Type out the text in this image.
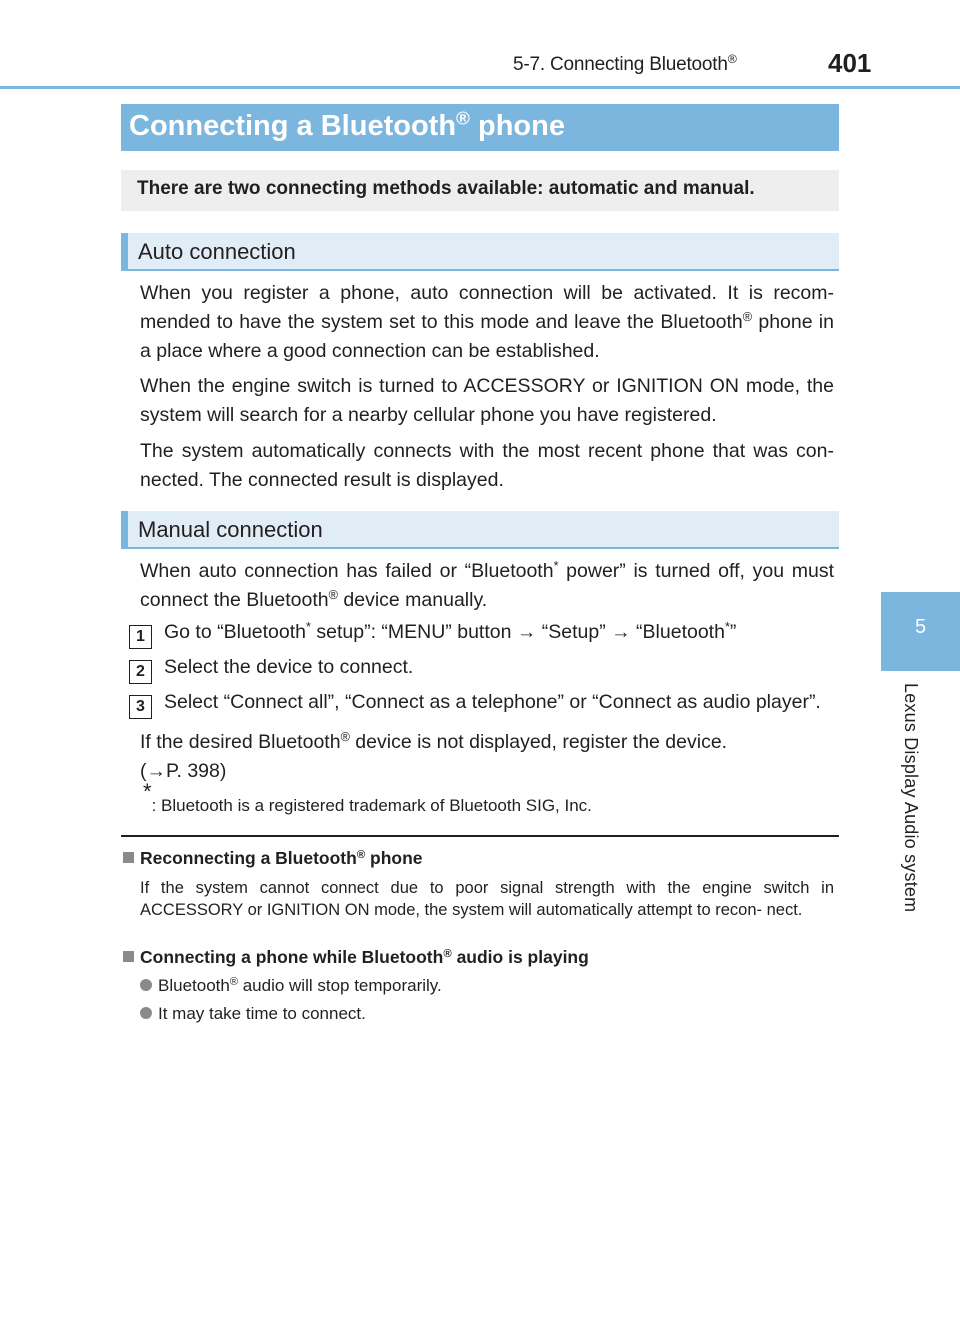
5-7. Connecting Bluetooth®	401
5
Lexus Display Audio system
Connecting a Bluetooth® phone
There are two connecting methods available: automatic and manual.
Auto connection
When you register a phone, auto connection will be activated. It is recom- mended to have the system set to this mode and leave the Bluetooth® phone in a place where a good connection can be established.
When the engine switch is turned to ACCESSORY or IGNITION ON mode, the system will search for a nearby cellular phone you have registered.
The system automatically connects with the most recent phone that was con- nected. The connected result is displayed.
Manual connection
When auto connection has failed or “Bluetooth* power” is turned off, you must connect the Bluetooth® device manually.
1 Go to “Bluetooth* setup”: “MENU” button → “Setup” → “Bluetooth*”
2 Select the device to connect.
3 Select “Connect all”, “Connect as a telephone” or “Connect as audio player”.
If the desired Bluetooth® device is not displayed, register the device.
(→P. 398)
*: Bluetooth is a registered trademark of Bluetooth SIG, Inc.
Reconnecting a Bluetooth® phone
If the system cannot connect due to poor signal strength with the engine switch in ACCESSORY or IGNITION ON mode, the system will automatically attempt to recon- nect.
Connecting a phone while Bluetooth® audio is playing
Bluetooth® audio will stop temporarily.
It may take time to connect.
